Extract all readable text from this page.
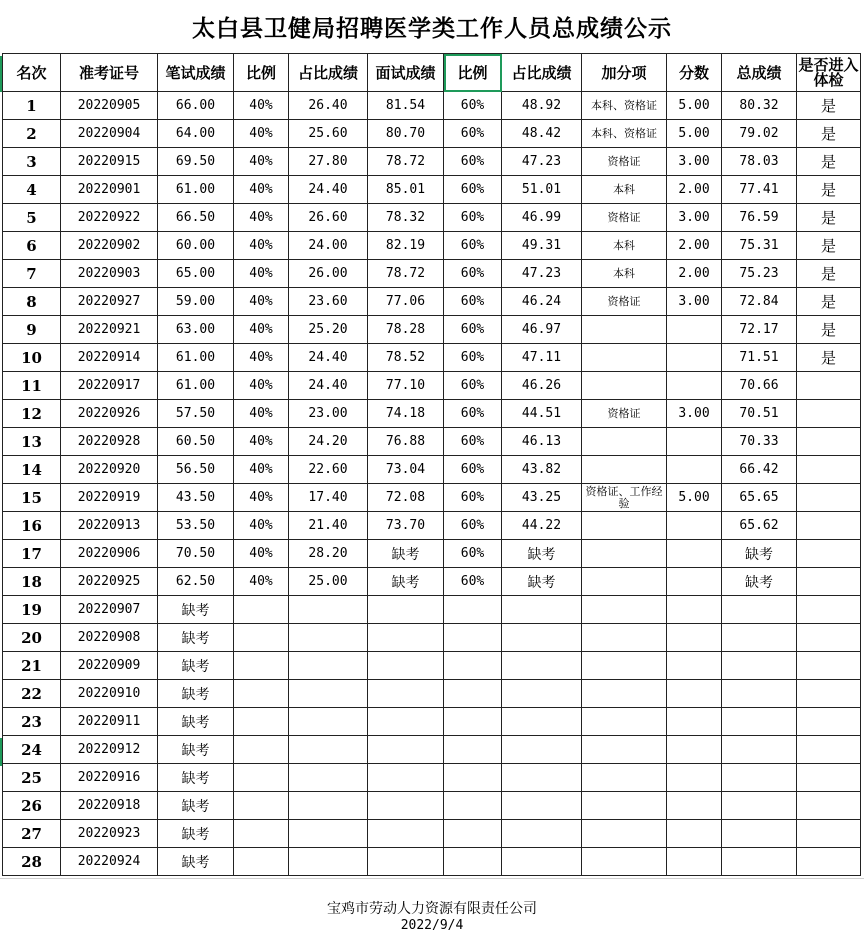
太白县卫健局招聘医学类工作人员总成绩公示
名次	准考证号	笔试成绩	比例	占比成绩	面试成绩	比例	占比成绩	加分项	分数	总成绩	是否进入体检
1	20220905	66.00	40%	26.40	81.54	60%	48.92	本科、资格证	5.00	80.32	是
2	20220904	64.00	40%	25.60	80.70	60%	48.42	本科、资格证	5.00	79.02	是
3	20220915	69.50	40%	27.80	78.72	60%	47.23	资格证	3.00	78.03	是
4	20220901	61.00	40%	24.40	85.01	60%	51.01	本科	2.00	77.41	是
5	20220922	66.50	40%	26.60	78.32	60%	46.99	资格证	3.00	76.59	是
6	20220902	60.00	40%	24.00	82.19	60%	49.31	本科	2.00	75.31	是
7	20220903	65.00	40%	26.00	78.72	60%	47.23	本科	2.00	75.23	是
8	20220927	59.00	40%	23.60	77.06	60%	46.24	资格证	3.00	72.84	是
9	20220921	63.00	40%	25.20	78.28	60%	46.97			72.17	是
10	20220914	61.00	40%	24.40	78.52	60%	47.11			71.51	是
11	20220917	61.00	40%	24.40	77.10	60%	46.26			70.66	
12	20220926	57.50	40%	23.00	74.18	60%	44.51	资格证	3.00	70.51	
13	20220928	60.50	40%	24.20	76.88	60%	46.13			70.33	
14	20220920	56.50	40%	22.60	73.04	60%	43.82			66.42	
15	20220919	43.50	40%	17.40	72.08	60%	43.25	资格证、工作经验	5.00	65.65	
16	20220913	53.50	40%	21.40	73.70	60%	44.22			65.62	
17	20220906	70.50	40%	28.20	缺考	60%	缺考			缺考	
18	20220925	62.50	40%	25.00	缺考	60%	缺考			缺考	
19	20220907	缺考									
20	20220908	缺考									
21	20220909	缺考									
22	20220910	缺考									
23	20220911	缺考									
24	20220912	缺考									
25	20220916	缺考									
26	20220918	缺考									
27	20220923	缺考									
28	20220924	缺考									
宝鸡市劳动人力资源有限责任公司
2022/9/4
